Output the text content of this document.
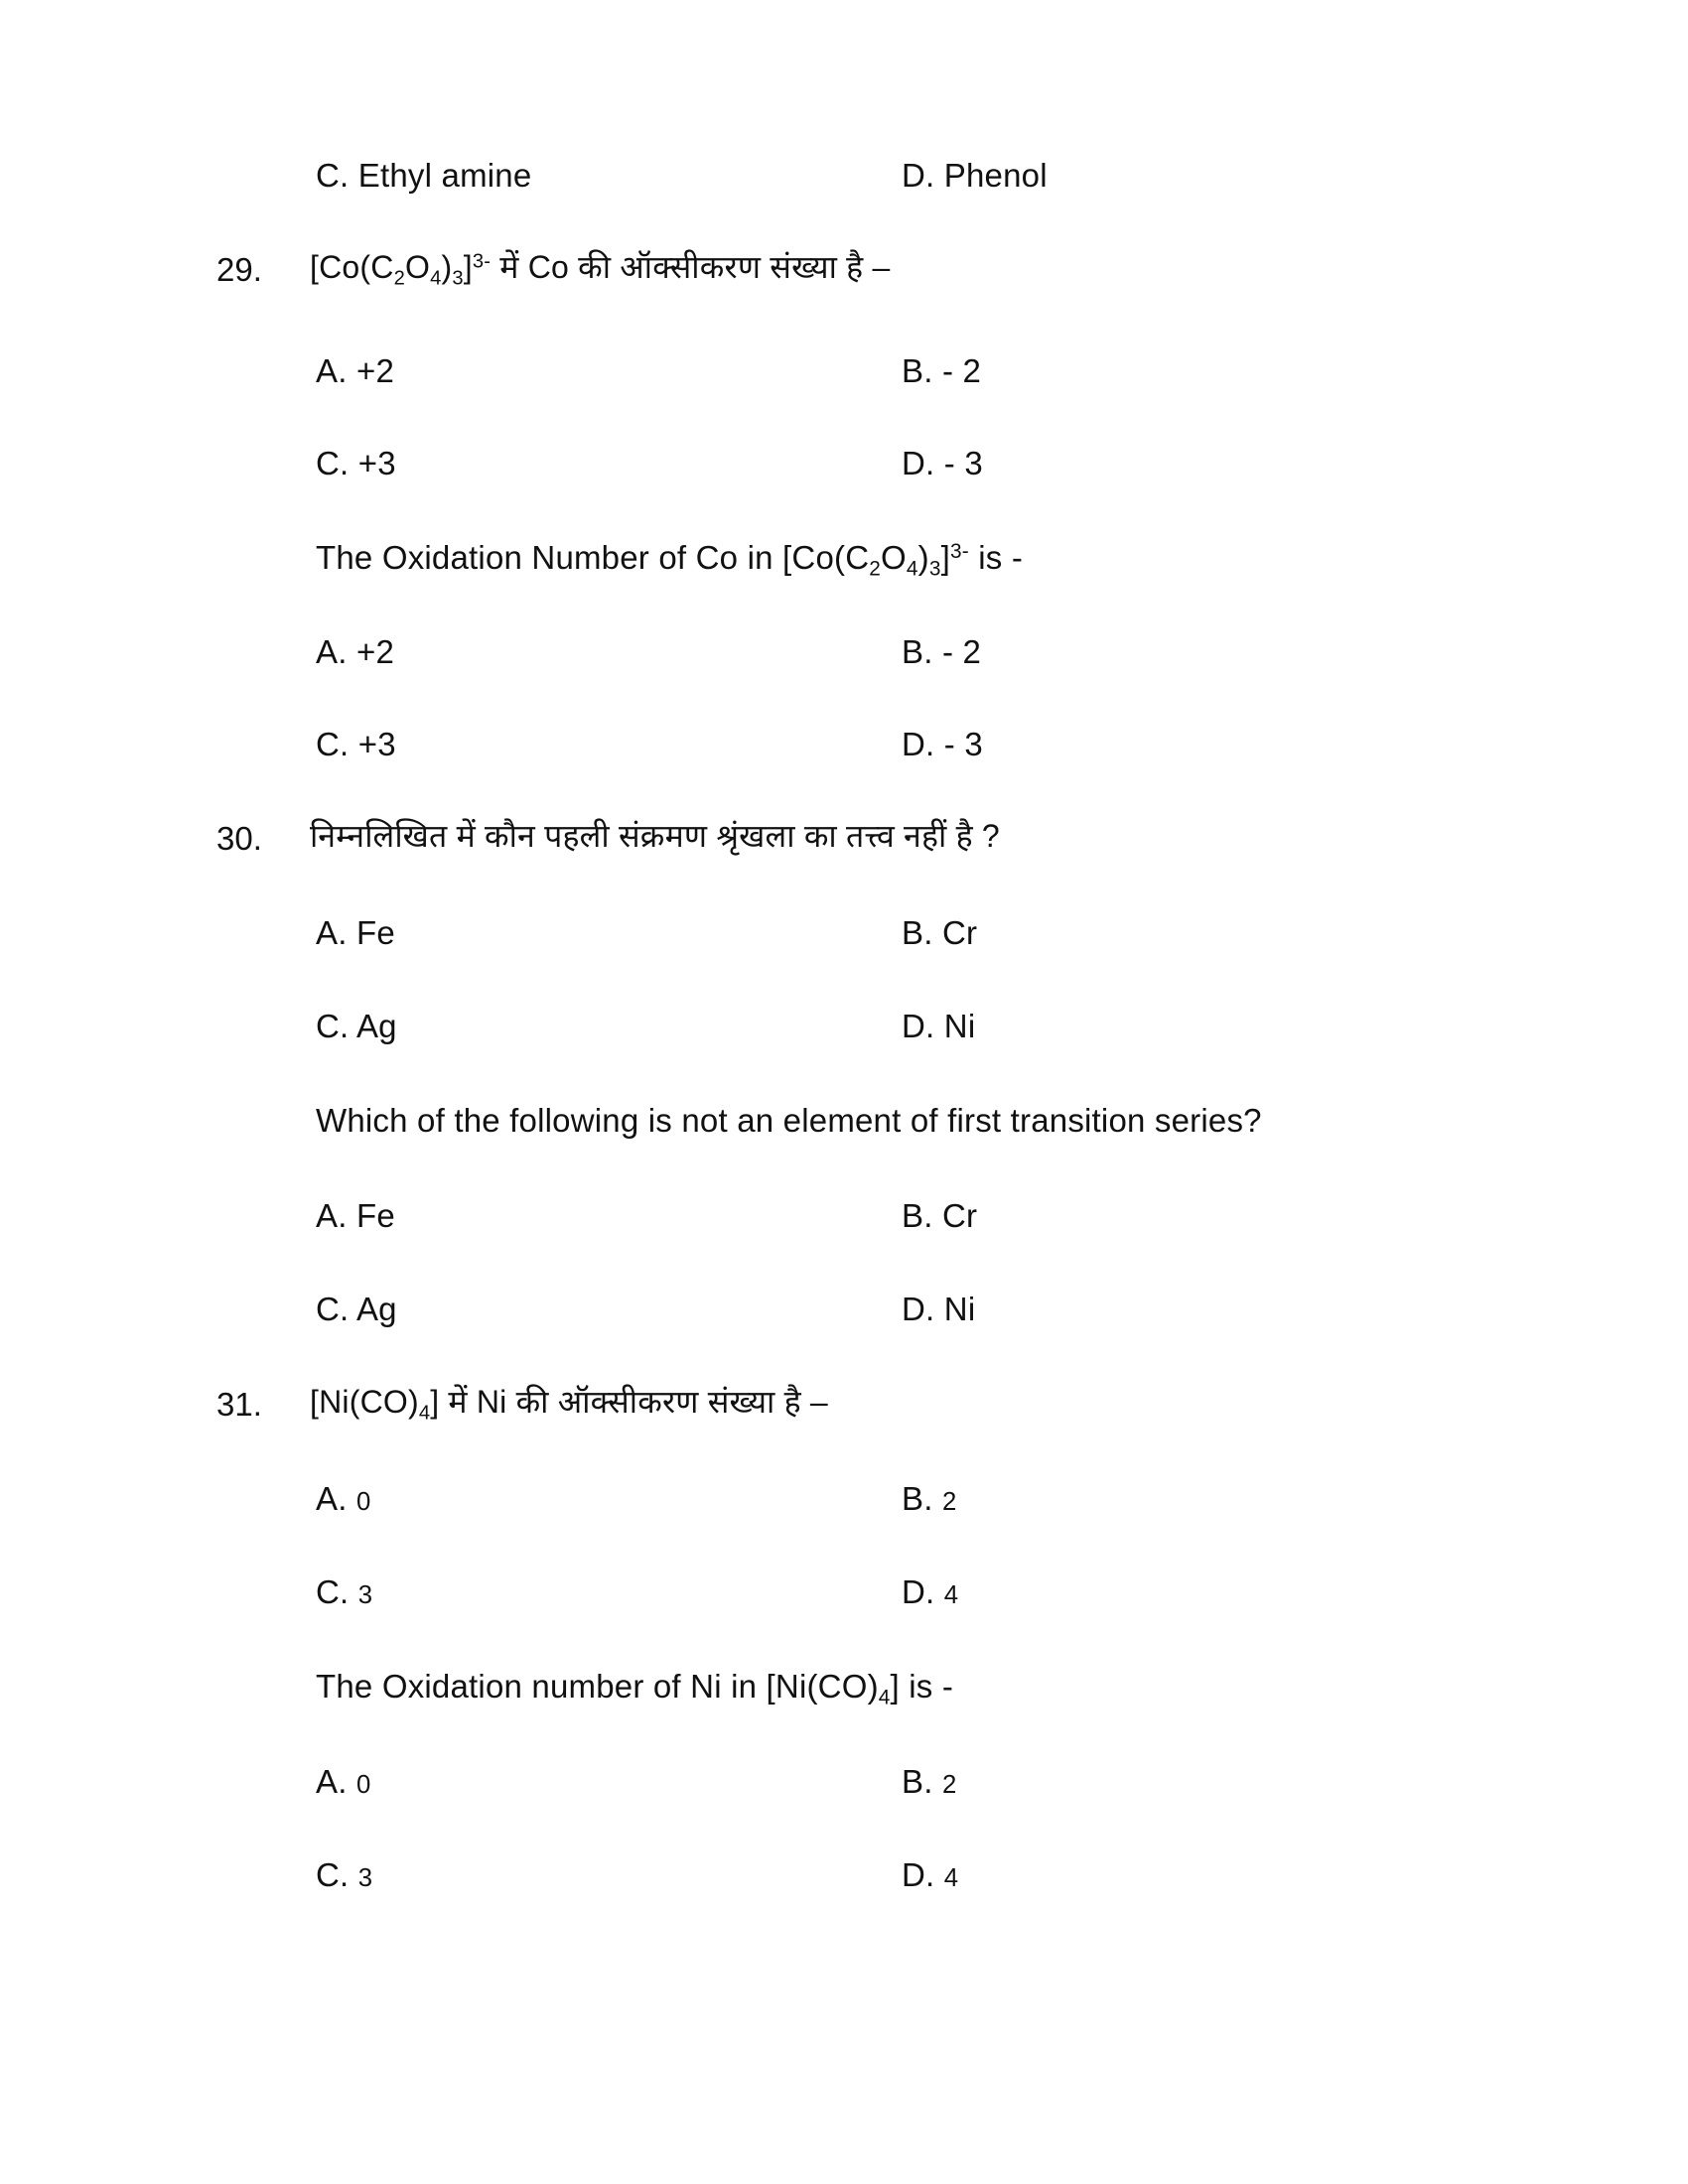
C. Ethyl amine	D. Phenol
29. $[Co(C_2O_4)_3]^{3-}$ में Co की ऑक्सीकरण संख्या है –
A. +2	B. - 2
C. +3	D. - 3
The Oxidation Number of Co in $[Co(C_2O_4)_3]^{3-}$ is -
A. +2	B. - 2
C. +3	D. - 3
30. निम्नलिखित में कौन पहली संक्रमण श्रृंखला का तत्त्व नहीं है ?
A. Fe	B. Cr
C. Ag	D. Ni
Which of the following is not an element of first transition series?
A. Fe	B. Cr
C. Ag	D. Ni
31. $[Ni(CO)_4]$ में Ni की ऑक्सीकरण संख्या है –
A. 0	B. 2
C. 3	D. 4
The Oxidation number of Ni in $[Ni(CO)_4]$ is -
A. 0	B. 2
C. 3	D. 4
